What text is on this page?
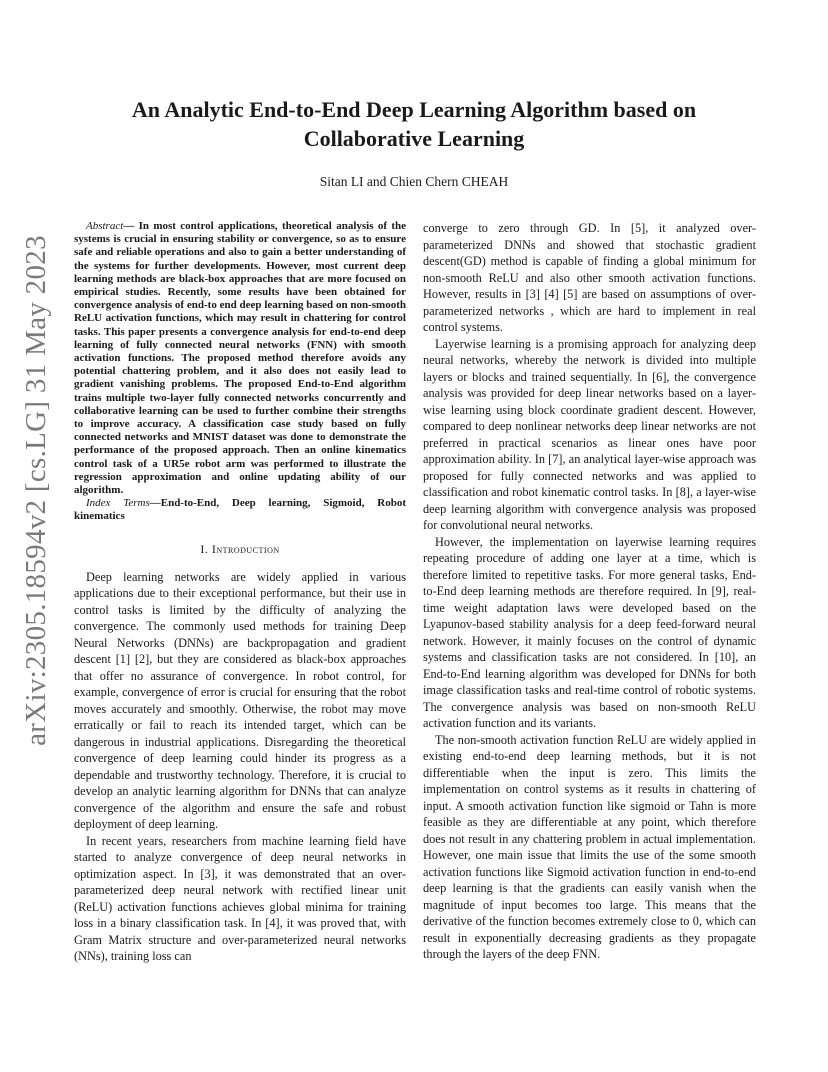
arXiv:2305.18594v2 [cs.LG] 31 May 2023
An Analytic End-to-End Deep Learning Algorithm based on Collaborative Learning
Sitan LI and Chien Chern CHEAH

Abstract— In most control applications, theoretical analysis of the systems is crucial in ensuring stability or convergence, so as to ensure safe and reliable operations and also to gain a better understanding of the systems for further developments. However, most current deep learning methods are black-box approaches that are more focused on empirical studies. Recently, some results have been obtained for convergence analysis of end-to end deep learning based on non-smooth ReLU activation functions, which may result in chattering for control tasks. This paper presents a convergence analysis for end-to-end deep learning of fully connected neural networks (FNN) with smooth activation functions. The proposed method therefore avoids any potential chattering problem, and it also does not easily lead to gradient vanishing problems. The proposed End-to-End algorithm trains multiple two-layer fully connected networks concurrently and collaborative learning can be used to further combine their strengths to improve accuracy. A classification case study based on fully connected networks and MNIST dataset was done to demonstrate the performance of the proposed approach. Then an online kinematics control task of a UR5e robot arm was performed to illustrate the regression approximation and online updating ability of our algorithm.

Index Terms—End-to-End, Deep learning, Sigmoid, Robot kinematics

I. Introduction

Deep learning networks are widely applied in various applications due to their exceptional performance, but their use in control tasks is limited by the difficulty of analyzing the convergence. The commonly used methods for training Deep Neural Networks (DNNs) are backpropagation and gradient descent [1] [2], but they are considered as black-box approaches that offer no assurance of convergence. In robot control, for example, convergence of error is crucial for ensuring that the robot moves accurately and smoothly. Otherwise, the robot may move erratically or fail to reach its intended target, which can be dangerous in industrial applications. Disregarding the theoretical convergence of deep learning could hinder its progress as a dependable and trustworthy technology. Therefore, it is crucial to develop an analytic learning algorithm for DNNs that can analyze convergence of the algorithm and ensure the safe and robust deployment of deep learning.

In recent years, researchers from machine learning field have started to analyze convergence of deep neural networks in optimization aspect. In [3], it was demonstrated that an over-parameterized deep neural network with rectified linear unit (ReLU) activation functions achieves global minima for training loss in a binary classification task. In [4], it was proved that, with Gram Matrix structure and over-parameterized neural networks (NNs), training loss can

converge to zero through GD. In [5], it analyzed over-parameterized DNNs and showed that stochastic gradient descent(GD) method is capable of finding a global minimum for non-smooth ReLU and also other smooth activation functions. However, results in [3] [4] [5] are based on assumptions of over-parameterized networks , which are hard to implement in real control systems.

Layerwise learning is a promising approach for analyzing deep neural networks, whereby the network is divided into multiple layers or blocks and trained sequentially. In [6], the convergence analysis was provided for deep linear networks based on a layer-wise learning using block coordinate gradient descent. However, compared to deep nonlinear networks deep linear networks are not preferred in practical scenarios as linear ones have poor approximation ability. In [7], an analytical layer-wise approach was proposed for fully connected networks and was applied to classification and robot kinematic control tasks. In [8], a layer-wise deep learning algorithm with convergence analysis was proposed for convolutional neural networks.

However, the implementation on layerwise learning requires repeating procedure of adding one layer at a time, which is therefore limited to repetitive tasks. For more general tasks, End-to-End deep learning methods are therefore required. In [9], real-time weight adaptation laws were developed based on the Lyapunov-based stability analysis for a deep feed-forward neural network. However, it mainly focuses on the control of dynamic systems and classification tasks are not considered. In [10], an End-to-End learning algorithm was developed for DNNs for both image classification tasks and real-time control of robotic systems. The convergence analysis was based on non-smooth ReLU activation function and its variants.

The non-smooth activation function ReLU are widely applied in existing end-to-end deep learning methods, but it is not differentiable when the input is zero. This limits the implementation on control systems as it results in chattering of input. A smooth activation function like sigmoid or Tahn is more feasible as they are differentiable at any point, which therefore does not result in any chattering problem in actual implementation. However, one main issue that limits the use of the some smooth activation functions like Sigmoid activation function in end-to-end deep learning is that the gradients can easily vanish when the magnitude of input becomes too large. This means that the derivative of the function becomes extremely close to 0, which can result in exponentially decreasing gradients as they propagate through the layers of the deep FNN.
